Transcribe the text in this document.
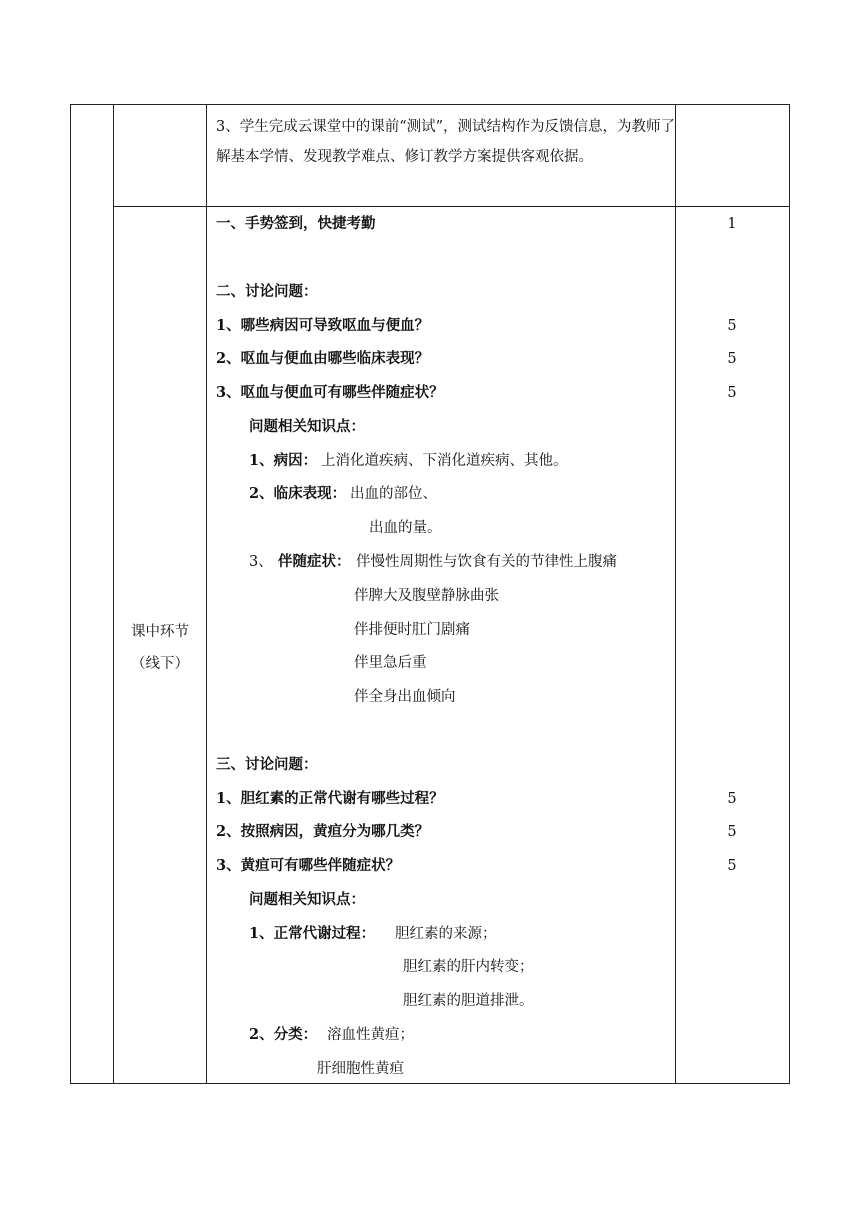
3、学生完成云课堂中的课前“测试”，测试结构作为反馈信息，为教师了解基本学情、发现教学难点、修订教学方案提供客观依据。
课中环节
（线下）
一、手势签到，快捷考勤
二、讨论问题：
1、哪些病因可导致呕血与便血？
2、呕血与便血由哪些临床表现？
3、呕血与便血可有哪些伴随症状？
问题相关知识点：
1、病因： 上消化道疾病、下消化道疾病、其他。
2、临床表现： 出血的部位、
出血的量。
3、 伴随症状： 伴慢性周期性与饮食有关的节律性上腹痛
伴脾大及腹壁静脉曲张
伴排便时肛门剧痛
伴里急后重
伴全身出血倾向
三、讨论问题：
1、胆红素的正常代谢有哪些过程？
2、按照病因，黄疸分为哪几类？
3、黄疸可有哪些伴随症状？
问题相关知识点：
1、正常代谢过程： 胆红素的来源；
胆红素的肝内转变；
胆红素的胆道排泄。
2、分类： 溶血性黄疸；
肝细胞性黄疸
1
5
5
5
5
5
5
